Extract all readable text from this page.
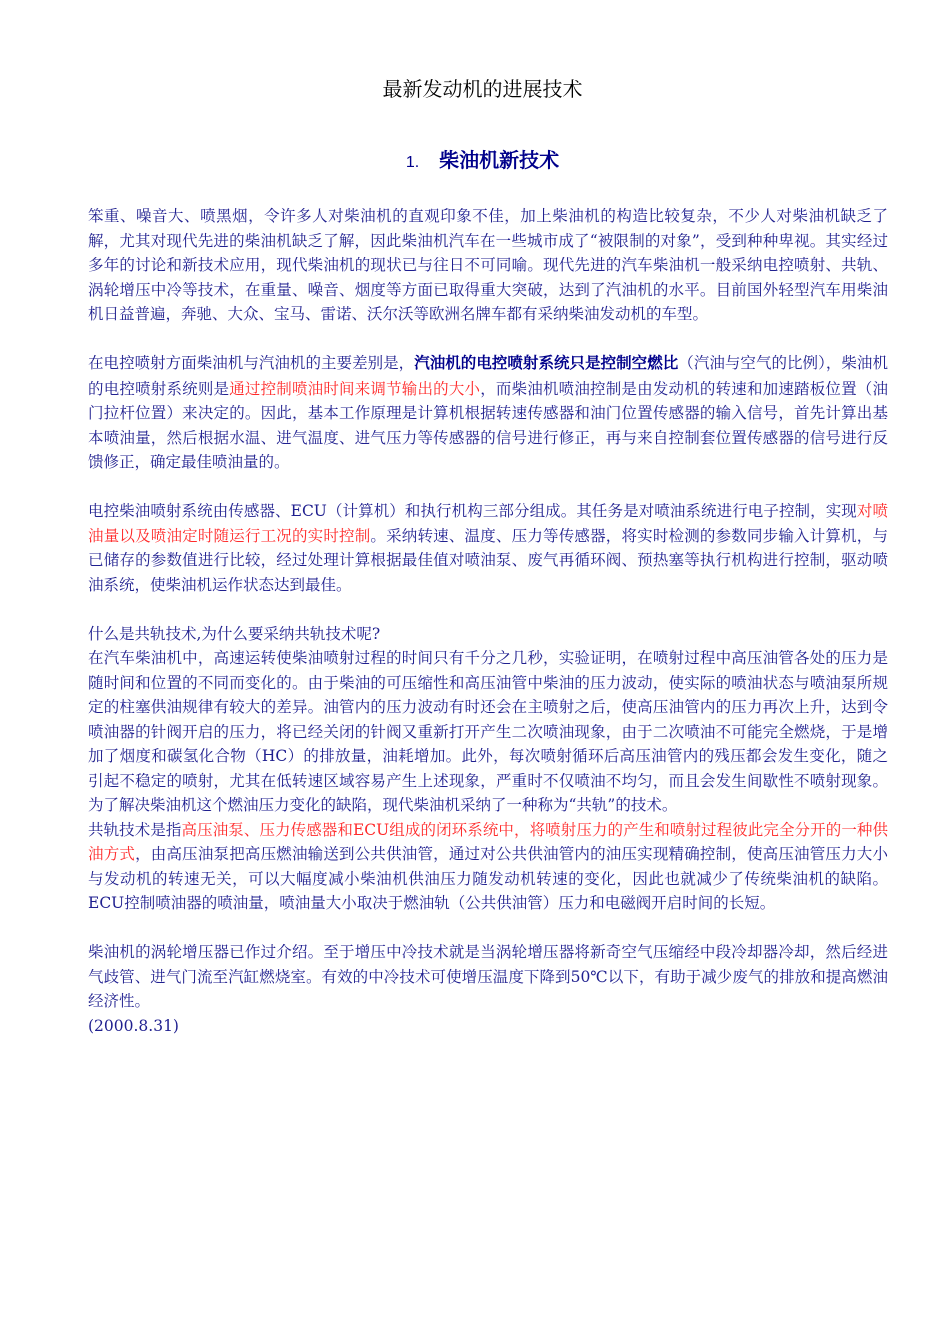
最新发动机的进展技术
1. 柴油机新技术

笨重、噪音大、喷黑烟，令许多人对柴油机的直观印象不佳，加上柴油机的构造比较复杂，不少人对柴油机缺乏了解，尤其对现代先进的柴油机缺乏了解，因此柴油机汽车在一些城市成了“被限制的对象”，受到种种卑视。其实经过多年的讨论和新技术应用，现代柴油机的现状已与往日不可同喻。现代先进的汽车柴油机一般采纳电控喷射、共轨、涡轮增压中冷等技术，在重量、噪音、烟度等方面已取得重大突破，达到了汽油机的水平。目前国外轻型汽车用柴油机日益普遍，奔驰、大众、宝马、雷诺、沃尔沃等欧洲名牌车都有采纳柴油发动机的车型。

在电控喷射方面柴油机与汽油机的主要差别是，汽油机的电控喷射系统只是控制空燃比（汽油与空气的比例），柴油机的电控喷射系统则是通过控制喷油时间来调节输出的大小，而柴油机喷油控制是由发动机的转速和加速踏板位置（油门拉杆位置）来决定的。因此，基本工作原理是计算机根据转速传感器和油门位置传感器的输入信号，首先计算出基本喷油量，然后根据水温、进气温度、进气压力等传感器的信号进行修正，再与来自控制套位置传感器的信号进行反馈修正，确定最佳喷油量的。

电控柴油喷射系统由传感器、ECU（计算机）和执行机构三部分组成。其任务是对喷油系统进行电子控制，实现对喷油量以及喷油定时随运行工况的实时控制。采纳转速、温度、压力等传感器，将实时检测的参数同步输入计算机，与已储存的参数值进行比较，经过处理计算根据最佳值对喷油泵、废气再循环阀、预热塞等执行机构进行控制，驱动喷油系统，使柴油机运作状态达到最佳。

什么是共轨技术,为什么要采纳共轨技术呢?

在汽车柴油机中，高速运转使柴油喷射过程的时间只有千分之几秒，实验证明，在喷射过程中高压油管各处的压力是随时间和位置的不同而变化的。由于柴油的可压缩性和高压油管中柴油的压力波动，使实际的喷油状态与喷油泵所规定的柱塞供油规律有较大的差异。油管内的压力波动有时还会在主喷射之后，使高压油管内的压力再次上升，达到令喷油器的针阀开启的压力，将已经关闭的针阀又重新打开产生二次喷油现象，由于二次喷油不可能完全燃烧，于是增加了烟度和碳氢化合物（HC）的排放量，油耗增加。此外，每次喷射循环后高压油管内的残压都会发生变化，随之引起不稳定的喷射，尤其在低转速区域容易产生上述现象，严重时不仅喷油不均匀，而且会发生间歇性不喷射现象。为了解决柴油机这个燃油压力变化的缺陷，现代柴油机采纳了一种称为“共轨”的技术。

共轨技术是指高压油泵、压力传感器和ECU组成的闭环系统中，将喷射压力的产生和喷射过程彼此完全分开的一种供油方式，由高压油泵把高压燃油输送到公共供油管，通过对公共供油管内的油压实现精确控制，使高压油管压力大小与发动机的转速无关，可以大幅度减小柴油机供油压力随发动机转速的变化，因此也就减少了传统柴油机的缺陷。ECU控制喷油器的喷油量，喷油量大小取决于燃油轨（公共供油管）压力和电磁阀开启时间的长短。

柴油机的涡轮增压器已作过介绍。至于增压中冷技术就是当涡轮增压器将新奇空气压缩经中段冷却器冷却，然后经进气歧管、进气门流至汽缸燃烧室。有效的中冷技术可使增压温度下降到50℃以下，有助于减少废气的排放和提高燃油经济性。

(2000.8.31)
